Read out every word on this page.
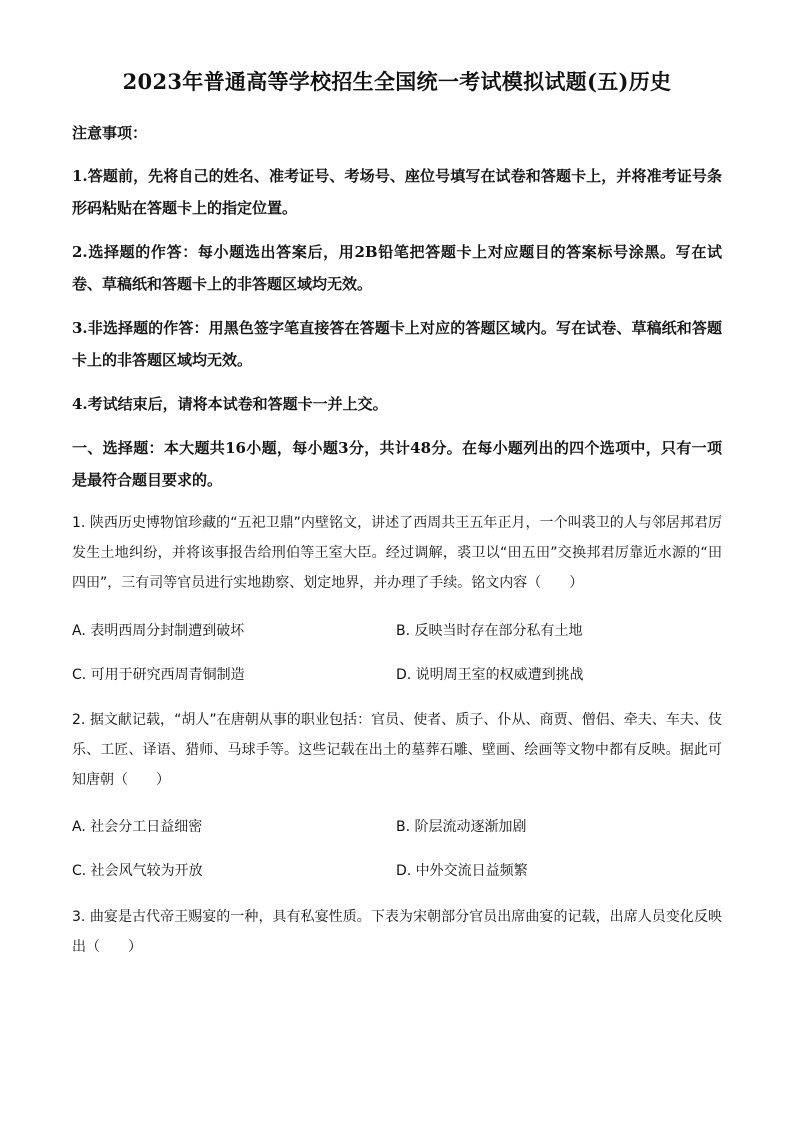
2023年普通高等学校招生全国统一考试模拟试题(五)历史
注意事项：
1.答题前，先将自己的姓名、准考证号、考场号、座位号填写在试卷和答题卡上，并将准考证号条形码粘贴在答题卡上的指定位置。
2.选择题的作答：每小题选出答案后，用2B铅笔把答题卡上对应题目的答案标号涂黑。写在试卷、草稿纸和答题卡上的非答题区域均无效。
3.非选择题的作答：用黑色签字笔直接答在答题卡上对应的答题区域内。写在试卷、草稿纸和答题卡上的非答题区域均无效。
4.考试结束后，请将本试卷和答题卡一并上交。
一、选择题：本大题共16小题，每小题3分，共计48分。在每小题列出的四个选项中，只有一项是最符合题目要求的。
1. 陕西历史博物馆珍藏的“五祀卫鼎”内壁铭文，讲述了西周共王五年正月，一个叫裘卫的人与邻居邦君厉发生土地纠纷，并将该事报告给刑伯等王室大臣。经过调解，裘卫以“田五田”交换邦君厉靠近水源的“田四田”，三有司等官员进行实地勘察、划定地界，并办理了手续。铭文内容（　　）
A. 表明西周分封制遭到破坏	B. 反映当时存在部分私有土地
C. 可用于研究西周青铜制造	D. 说明周王室的权威遭到挑战
2. 据文献记载，“胡人”在唐朝从事的职业包括：官员、使者、质子、仆从、商贾、僧侣、牵夫、车夫、伎乐、工匠、译语、猎师、马球手等。这些记载在出土的墓葬石雕、壁画、绘画等文物中都有反映。据此可知唐朝（　　）
A. 社会分工日益细密	B. 阶层流动逐渐加剧
C. 社会风气较为开放	D. 中外交流日益频繁
3. 曲宴是古代帝王赐宴的一种，具有私宴性质。下表为宋朝部分官员出席曲宴的记载，出席人员变化反映出（　　）
